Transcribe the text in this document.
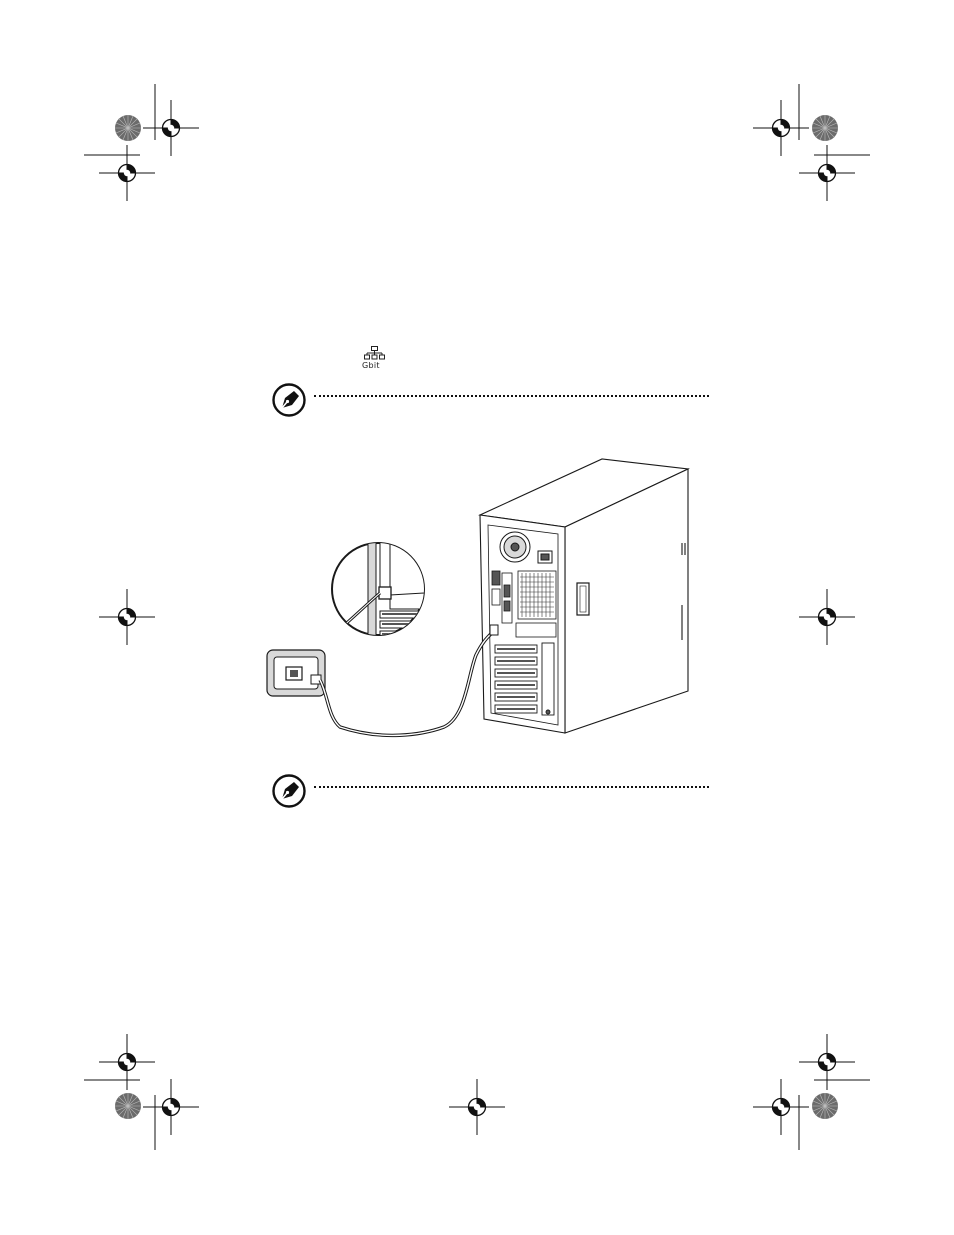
Gbit
